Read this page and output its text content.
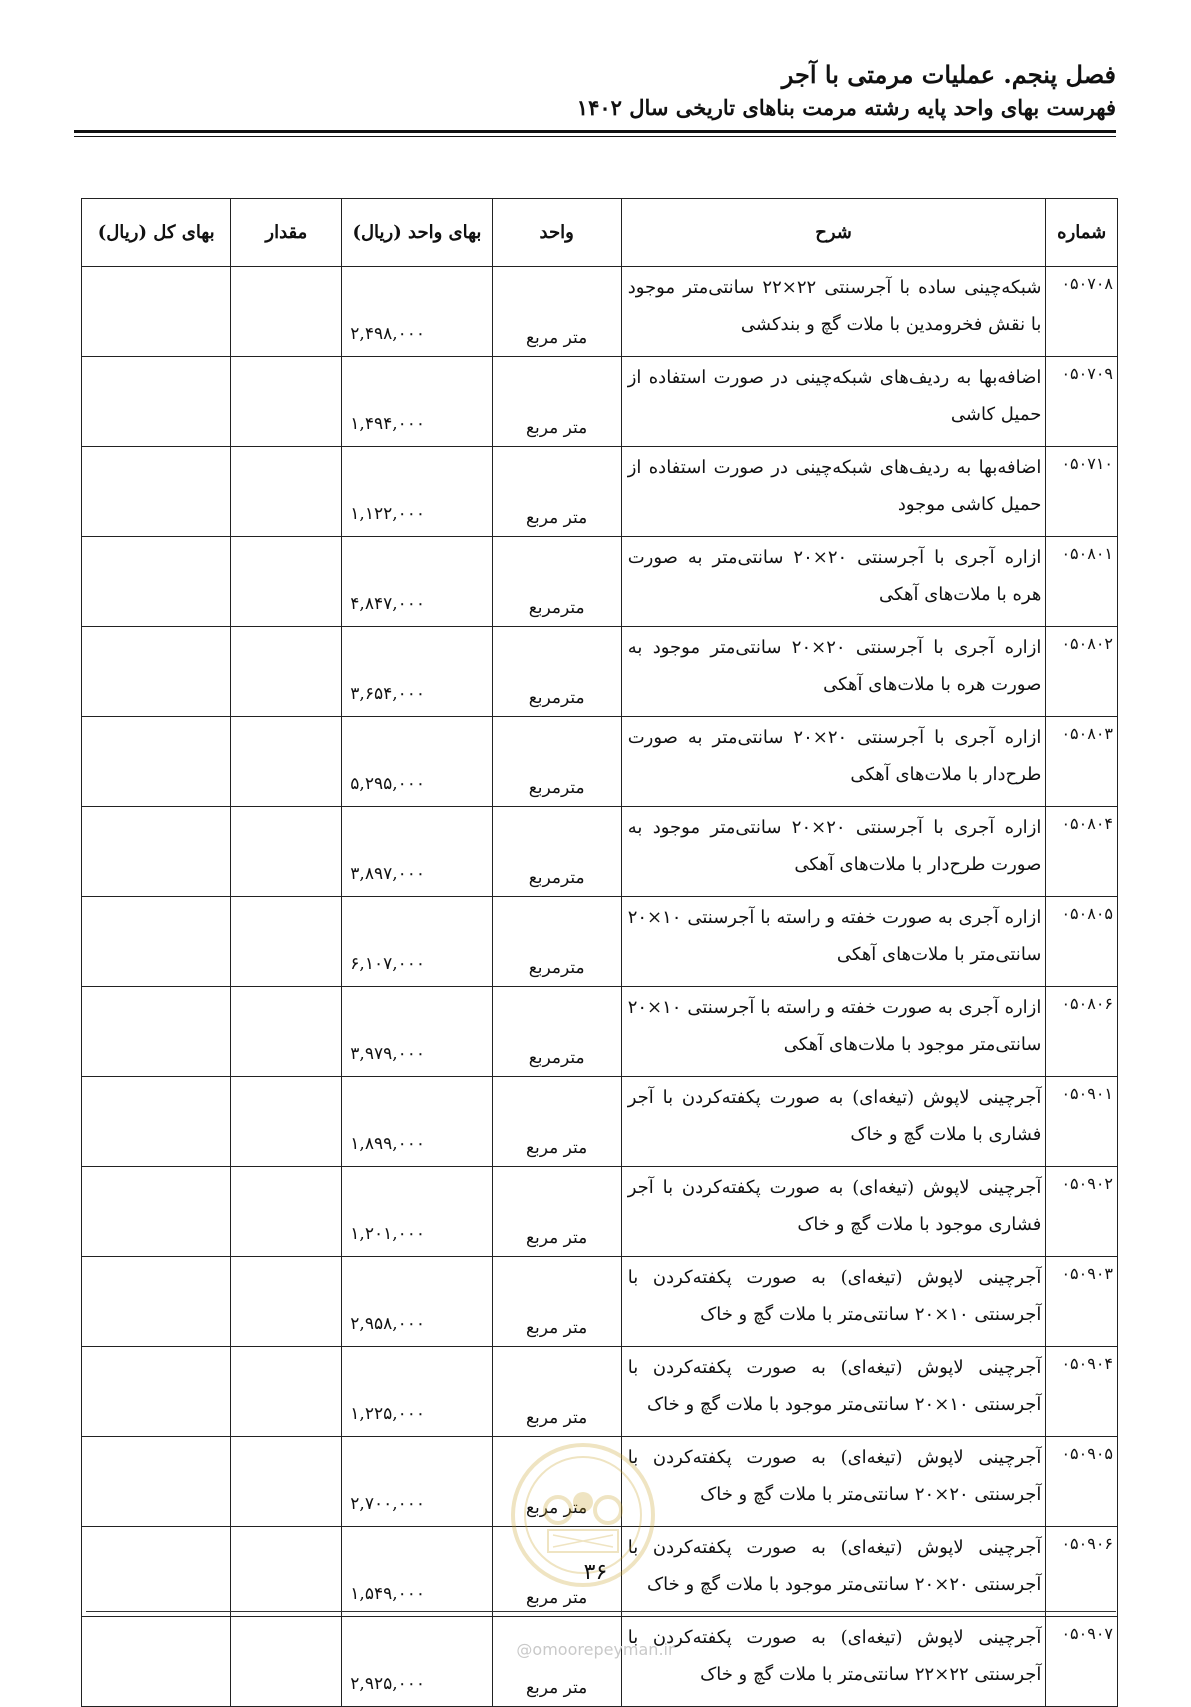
فصل پنجم. عملیات مرمتی با آجر
فهرست بهای واحد پایه رشته مرمت بناهای تاریخی سال ۱۴۰۲
شماره	شرح	واحد	بهای واحد (ریال)	مقدار	بهای کل (ریال)
۰۵۰۷۰۸	شبکه‌چینی ساده با آجرسنتی ۲۲×۲۲ سانتی‌متر موجود با نقش فخرومدین با ملات گچ و بندکشی	متر مربع	۲,۴۹۸,۰۰۰		
۰۵۰۷۰۹	اضافه‌بها به ردیف‌های شبکه‌چینی در صورت استفاده از حمیل کاشی	متر مربع	۱,۴۹۴,۰۰۰		
۰۵۰۷۱۰	اضافه‌بها به ردیف‌های شبکه‌چینی در صورت استفاده از حمیل کاشی موجود	متر مربع	۱,۱۲۲,۰۰۰		
۰۵۰۸۰۱	ازاره آجری با آجرسنتی ۲۰×۲۰ سانتی‌متر به صورت هره با ملات‌های آهکی	مترمربع	۴,۸۴۷,۰۰۰		
۰۵۰۸۰۲	ازاره آجری با آجرسنتی ۲۰×۲۰ سانتی‌متر موجود به صورت هره با ملات‌های آهکی	مترمربع	۳,۶۵۴,۰۰۰		
۰۵۰۸۰۳	ازاره آجری با آجرسنتی ۲۰×۲۰ سانتی‌متر به صورت طرح‌دار با ملات‌های آهکی	مترمربع	۵,۲۹۵,۰۰۰		
۰۵۰۸۰۴	ازاره آجری با آجرسنتی ۲۰×۲۰ سانتی‌متر موجود به صورت طرح‌دار با ملات‌های آهکی	مترمربع	۳,۸۹۷,۰۰۰		
۰۵۰۸۰۵	ازاره آجری به صورت خفته و راسته با آجرسنتی ۱۰×۲۰ سانتی‌متر با ملات‌های آهکی	مترمربع	۶,۱۰۷,۰۰۰		
۰۵۰۸۰۶	ازاره آجری به صورت خفته و راسته با آجرسنتی ۱۰×۲۰ سانتی‌متر موجود با ملات‌های آهکی	مترمربع	۳,۹۷۹,۰۰۰		
۰۵۰۹۰۱	آجرچینی لاپوش (تیغه‌ای) به صورت پکفته‌کردن با آجر فشاری با ملات گچ و خاک	متر مربع	۱,۸۹۹,۰۰۰		
۰۵۰۹۰۲	آجرچینی لاپوش (تیغه‌ای) به صورت پکفته‌کردن با آجر فشاری موجود با ملات گچ و خاک	متر مربع	۱,۲۰۱,۰۰۰		
۰۵۰۹۰۳	آجرچینی لاپوش (تیغه‌ای) به صورت پکفته‌کردن با آجرسنتی ۱۰×۲۰ سانتی‌متر با ملات گچ و خاک	متر مربع	۲,۹۵۸,۰۰۰		
۰۵۰۹۰۴	آجرچینی لاپوش (تیغه‌ای) به صورت پکفته‌کردن با آجرسنتی ۱۰×۲۰ سانتی‌متر موجود با ملات گچ و خاک	متر مربع	۱,۲۲۵,۰۰۰		
۰۵۰۹۰۵	آجرچینی لاپوش (تیغه‌ای) به صورت پکفته‌کردن با آجرسنتی ۲۰×۲۰ سانتی‌متر با ملات گچ و خاک	متر مربع	۲,۷۰۰,۰۰۰		
۰۵۰۹۰۶	آجرچینی لاپوش (تیغه‌ای) به صورت پکفته‌کردن با آجرسنتی ۲۰×۲۰ سانتی‌متر موجود با ملات گچ و خاک	متر مربع	۱,۵۴۹,۰۰۰		
۰۵۰۹۰۷	آجرچینی لاپوش (تیغه‌ای) به صورت پکفته‌کردن با آجرسنتی ۲۲×۲۲ سانتی‌متر با ملات گچ و خاک	متر مربع	۲,۹۲۵,۰۰۰		
۳۶
@omoorepeyman.ir
